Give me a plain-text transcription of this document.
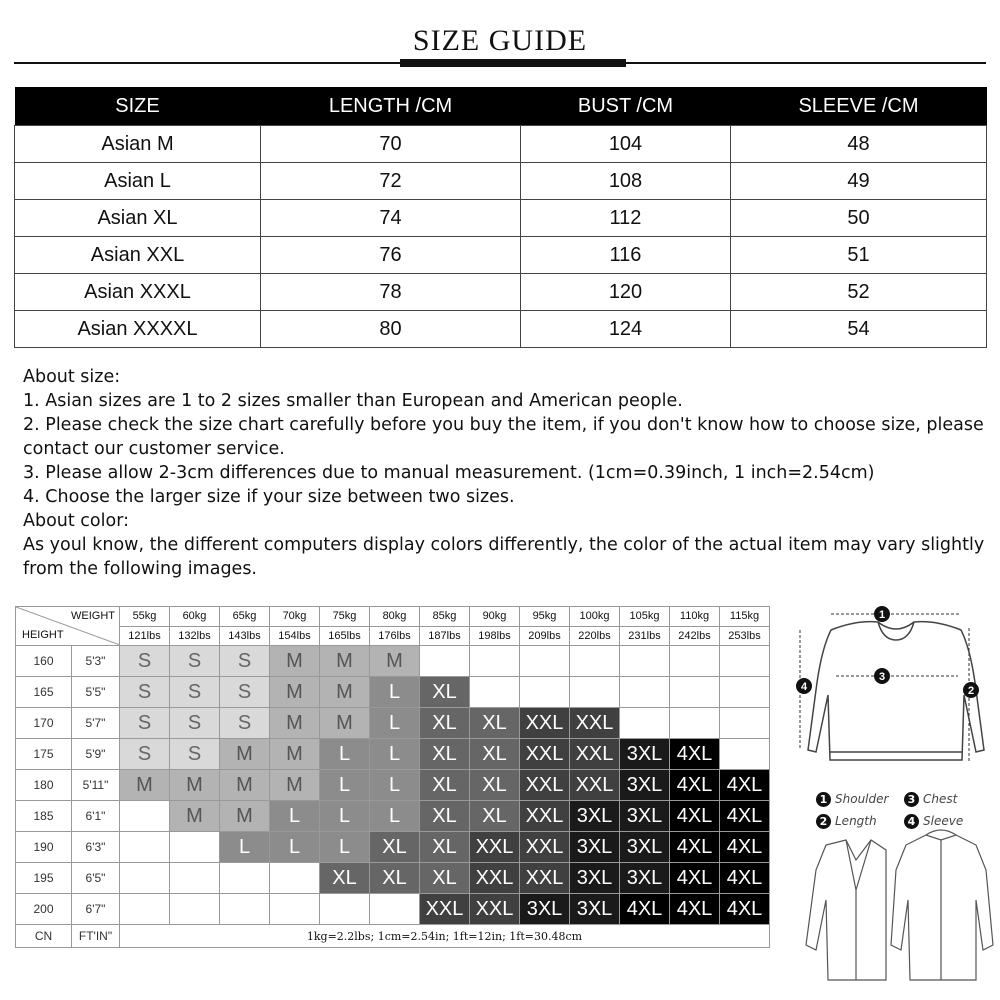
SIZE GUIDE
SIZE	LENGTH /CM	BUST /CM	SLEEVE /CM
Asian M	70	104	48
Asian L	72	108	49
Asian XL	74	112	50
Asian XXL	76	116	51
Asian XXXL	78	120	52
Asian XXXXL	80	124	54

About size:

1. Asian sizes are 1 to 2 sizes smaller than European and American people.

2. Please check the size chart carefully before you buy the item, if you don't know how to choose size, please contact our customer service.

3. Please allow 2-3cm differences due to manual measurement. (1cm=0.39inch, 1 inch=2.54cm)

4. Choose the larger size if your size between two sizes.

About color:

As youl know, the different computers display colors differently, the color of the actual item may vary slightly from the following images.

WEIGHT
HEIGHT		55kg	60kg	65kg	70kg	75kg	80kg	85kg	90kg	95kg	100kg	105kg	110kg	115kg
		121lbs	132lbs	143lbs	154lbs	165lbs	176lbs	187lbs	198lbs	209lbs	220lbs	231lbs	242lbs	253lbs
160	5'3"	S	S	S	M	M	M							
165	5'5"	S	S	S	M	M	L	XL						
170	5'7"	S	S	S	M	M	L	XL	XL	XXL	XXL			
175	5'9"	S	S	M	M	L	L	XL	XL	XXL	XXL	3XL	4XL	
180	5'11"	M	M	M	M	L	L	XL	XL	XXL	XXL	3XL	4XL	4XL
185	6'1"		M	M	L	L	L	XL	XL	XXL	3XL	3XL	4XL	4XL
190	6'3"			L	L	L	XL	XL	XXL	XXL	3XL	3XL	4XL	4XL
195	6'5"					XL	XL	XL	XXL	XXL	3XL	3XL	4XL	4XL
200	6'7"							XXL	XXL	3XL	3XL	4XL	4XL	4XL
CN	FT'IN"	1kg=2.2lbs; 1cm=2.54in; 1ft=12in; 1ft=30.48cm												
1
3
4	2
1 Shoulder	3 Chest
2 Length	4 Sleeve
